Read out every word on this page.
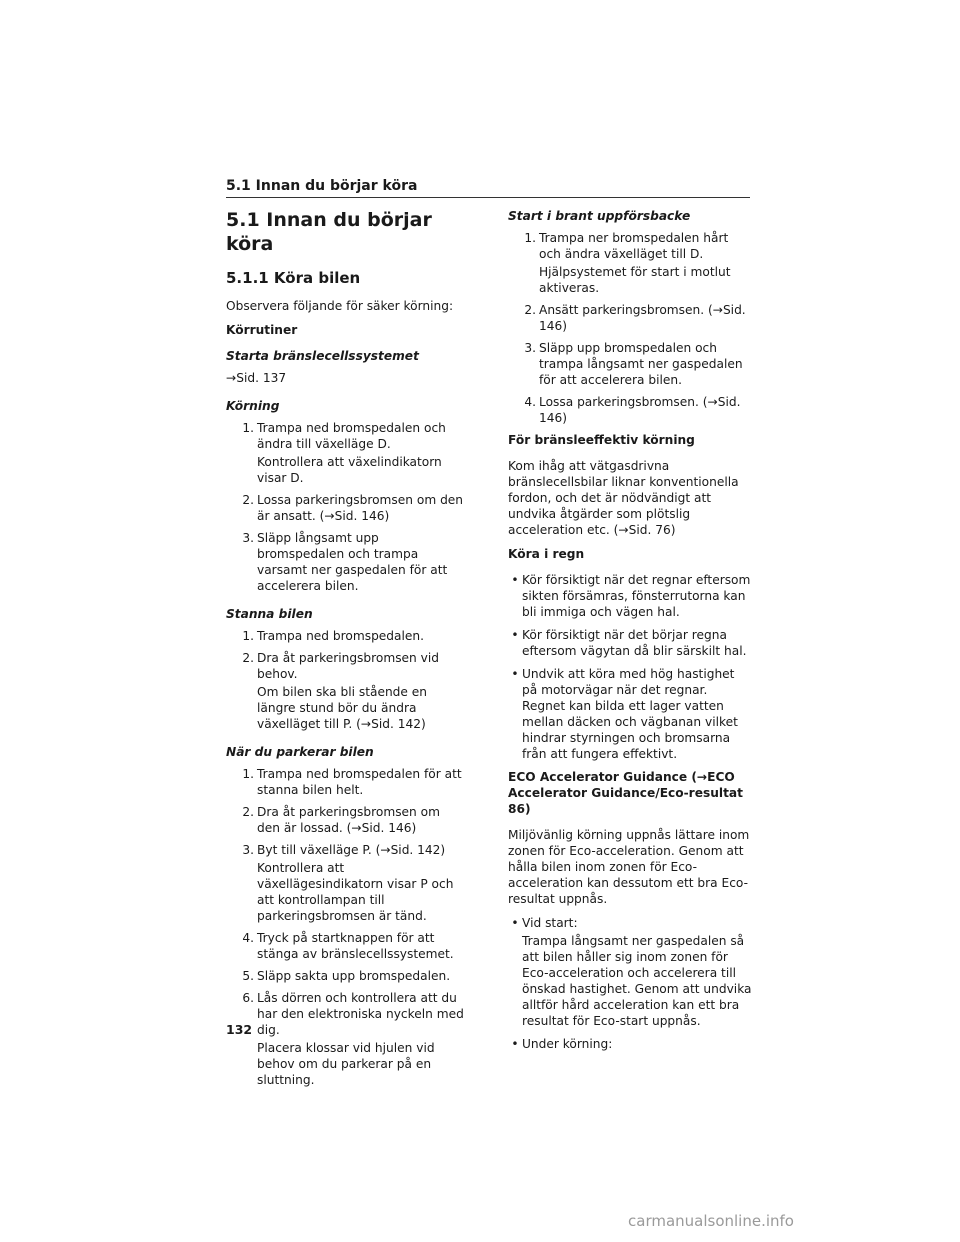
5.1 Innan du börjar köra
5.1 Innan du börjar köra
5.1.1 Köra bilen
Observera följande för säker körning:
Körrutiner
Starta bränslecellssystemet
→Sid. 137
Körning
1. Trampa ned bromspedalen och ändra till växelläge D.
Kontrollera att växelindikatorn visar D.
2. Lossa parkeringsbromsen om den är ansatt. (→Sid. 146)
3. Släpp långsamt upp bromspedalen och trampa varsamt ner gaspedalen för att accelerera bilen.
Stanna bilen
1. Trampa ned bromspedalen.
2. Dra åt parkeringsbromsen vid behov.
Om bilen ska bli stående en längre stund bör du ändra växelläget till P. (→Sid. 142)
När du parkerar bilen
1. Trampa ned bromspedalen för att stanna bilen helt.
2. Dra åt parkeringsbromsen om den är lossad. (→Sid. 146)
3. Byt till växelläge P. (→Sid. 142)
Kontrollera att växellägesindikatorn visar P och att kontrollampan till parkeringsbromsen är tänd.
4. Tryck på startknappen för att stänga av bränslecellssystemet.
5. Släpp sakta upp bromspedalen.
6. Lås dörren och kontrollera att du har den elektroniska nyckeln med dig.
Placera klossar vid hjulen vid behov om du parkerar på en sluttning.
Start i brant uppförsbacke
1. Trampa ner bromspedalen hårt och ändra växelläget till D.
Hjälpsystemet för start i motlut aktiveras.
2. Ansätt parkeringsbromsen. (→Sid. 146)
3. Släpp upp bromspedalen och trampa långsamt ner gaspedalen för att accelerera bilen.
4. Lossa parkeringsbromsen. (→Sid. 146)
För bränsleeffektiv körning
Kom ihåg att vätgasdrivna bränslecellsbilar liknar konventionella fordon, och det är nödvändigt att undvika åtgärder som plötslig acceleration etc. (→Sid. 76)
Köra i regn
• Kör försiktigt när det regnar eftersom sikten försämras, fönsterrutorna kan bli immiga och vägen hal.
• Kör försiktigt när det börjar regna eftersom vägytan då blir särskilt hal.
• Undvik att köra med hög hastighet på motorvägar när det regnar. Regnet kan bilda ett lager vatten mellan däcken och vägbanan vilket hindrar styrningen och bromsarna från att fungera effektivt.
ECO Accelerator Guidance (→ECO Accelerator Guidance/Eco-resultat 86)
Miljövänlig körning uppnås lättare inom zonen för Eco-acceleration. Genom att hålla bilen inom zonen för Eco-acceleration kan dessutom ett bra Eco-resultat uppnås.
• Vid start:
Trampa långsamt ner gaspedalen så att bilen håller sig inom zonen för Eco-acceleration och accelerera till önskad hastighet. Genom att undvika alltför hård acceleration kan ett bra resultat för Eco-start uppnås.
• Under körning:
132
carmanualsonline.info
